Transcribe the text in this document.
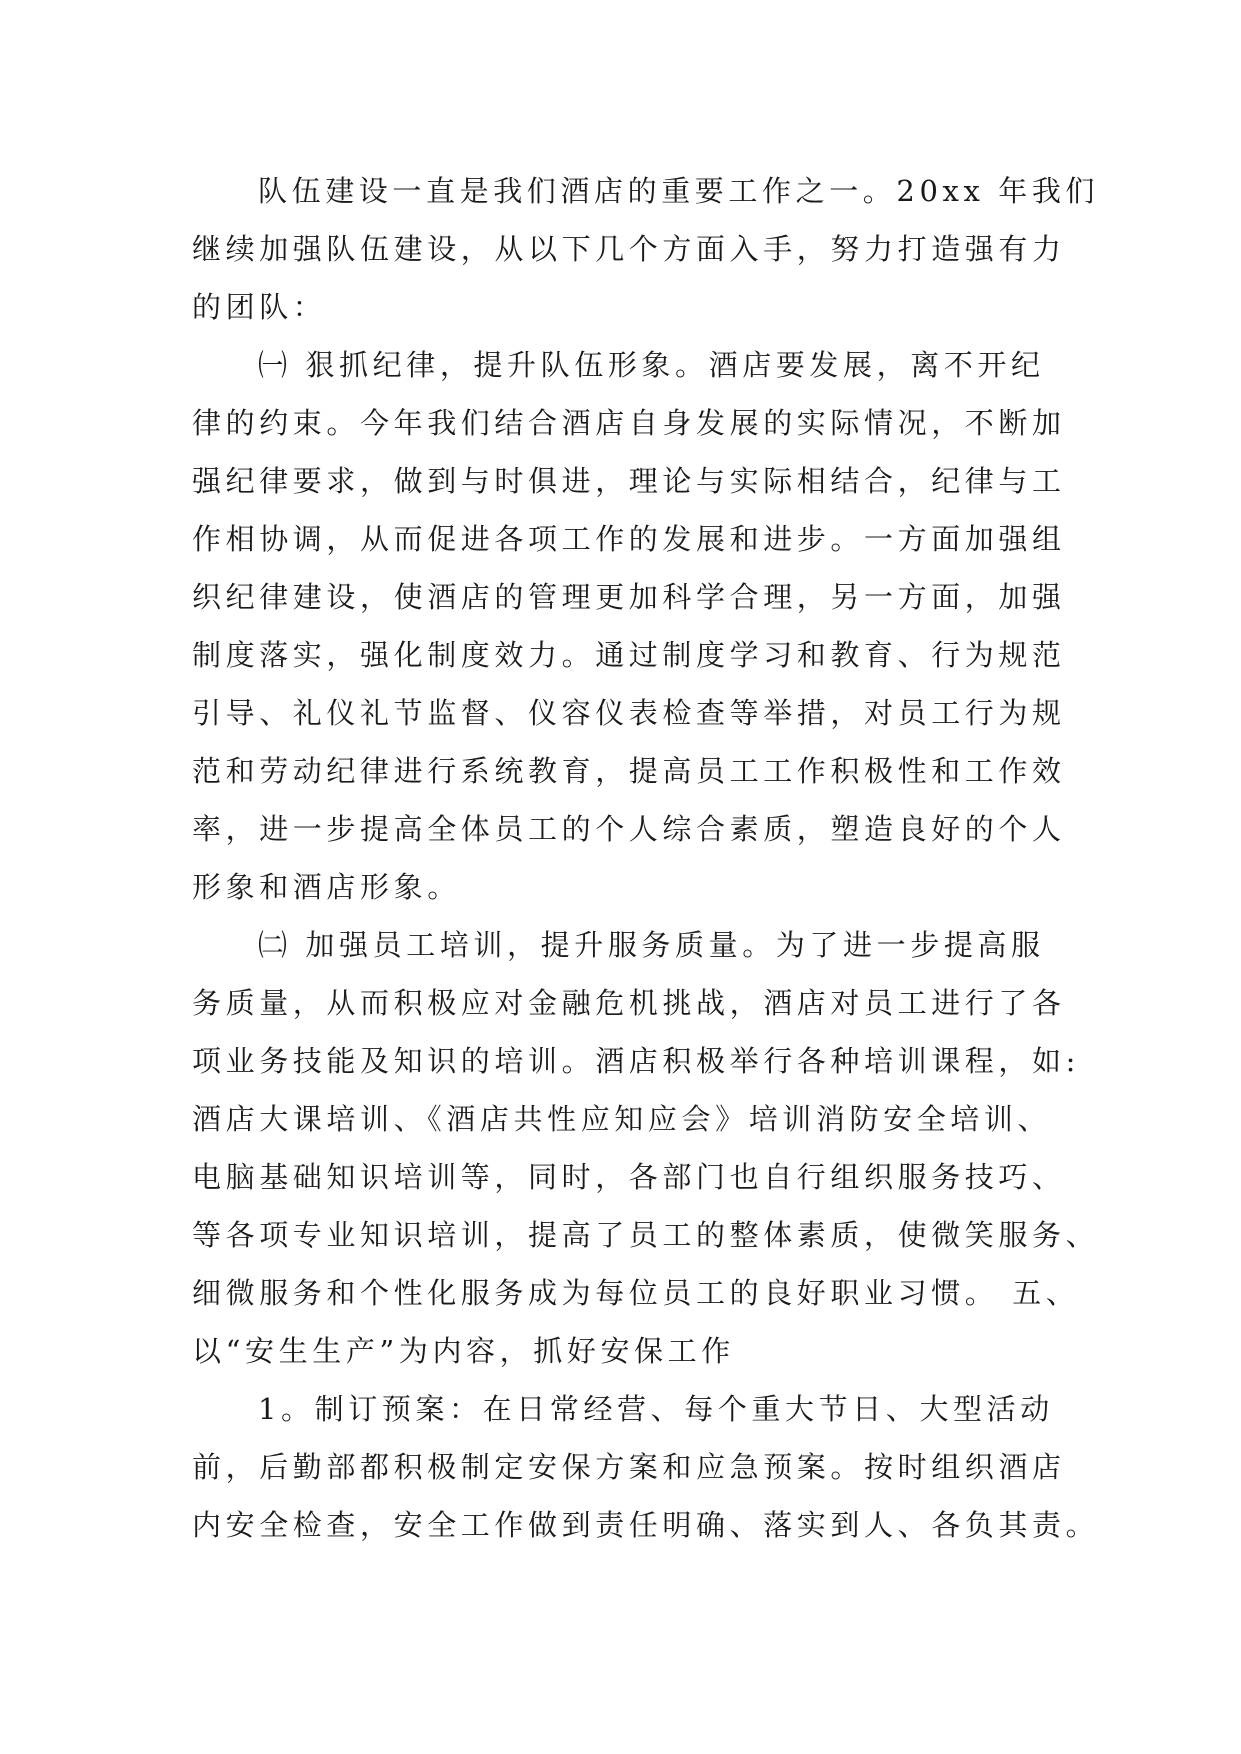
队伍建设一直是我们酒店的重要工作之一。20xx 年我们
继续加强队伍建设，从以下几个方面入手，努力打造强有力
的团队：

㈠ 狠抓纪律，提升队伍形象。酒店要发展，离不开纪
律的约束。今年我们结合酒店自身发展的实际情况，不断加
强纪律要求，做到与时俱进，理论与实际相结合，纪律与工
作相协调，从而促进各项工作的发展和进步。一方面加强组
织纪律建设，使酒店的管理更加科学合理，另一方面，加强
制度落实，强化制度效力。通过制度学习和教育、行为规范
引导、礼仪礼节监督、仪容仪表检查等举措，对员工行为规
范和劳动纪律进行系统教育，提高员工工作积极性和工作效
率，进一步提高全体员工的个人综合素质，塑造良好的个人
形象和酒店形象。

㈡ 加强员工培训，提升服务质量。为了进一步提高服
务质量，从而积极应对金融危机挑战，酒店对员工进行了各
项业务技能及知识的培训。酒店积极举行各种培训课程，如:
酒店大课培训、《酒店共性应知应会》培训消防安全培训、
电脑基础知识培训等，同时，各部门也自行组织服务技巧、
等各项专业知识培训，提高了员工的整体素质，使微笑服务、
细微服务和个性化服务成为每位员工的良好职业习惯。 五、
以“安生生产”为内容，抓好安保工作

1。制订预案：在日常经营、每个重大节日、大型活动
前，后勤部都积极制定安保方案和应急预案。按时组织酒店
内安全检查，安全工作做到责任明确、落实到人、各负其责。
